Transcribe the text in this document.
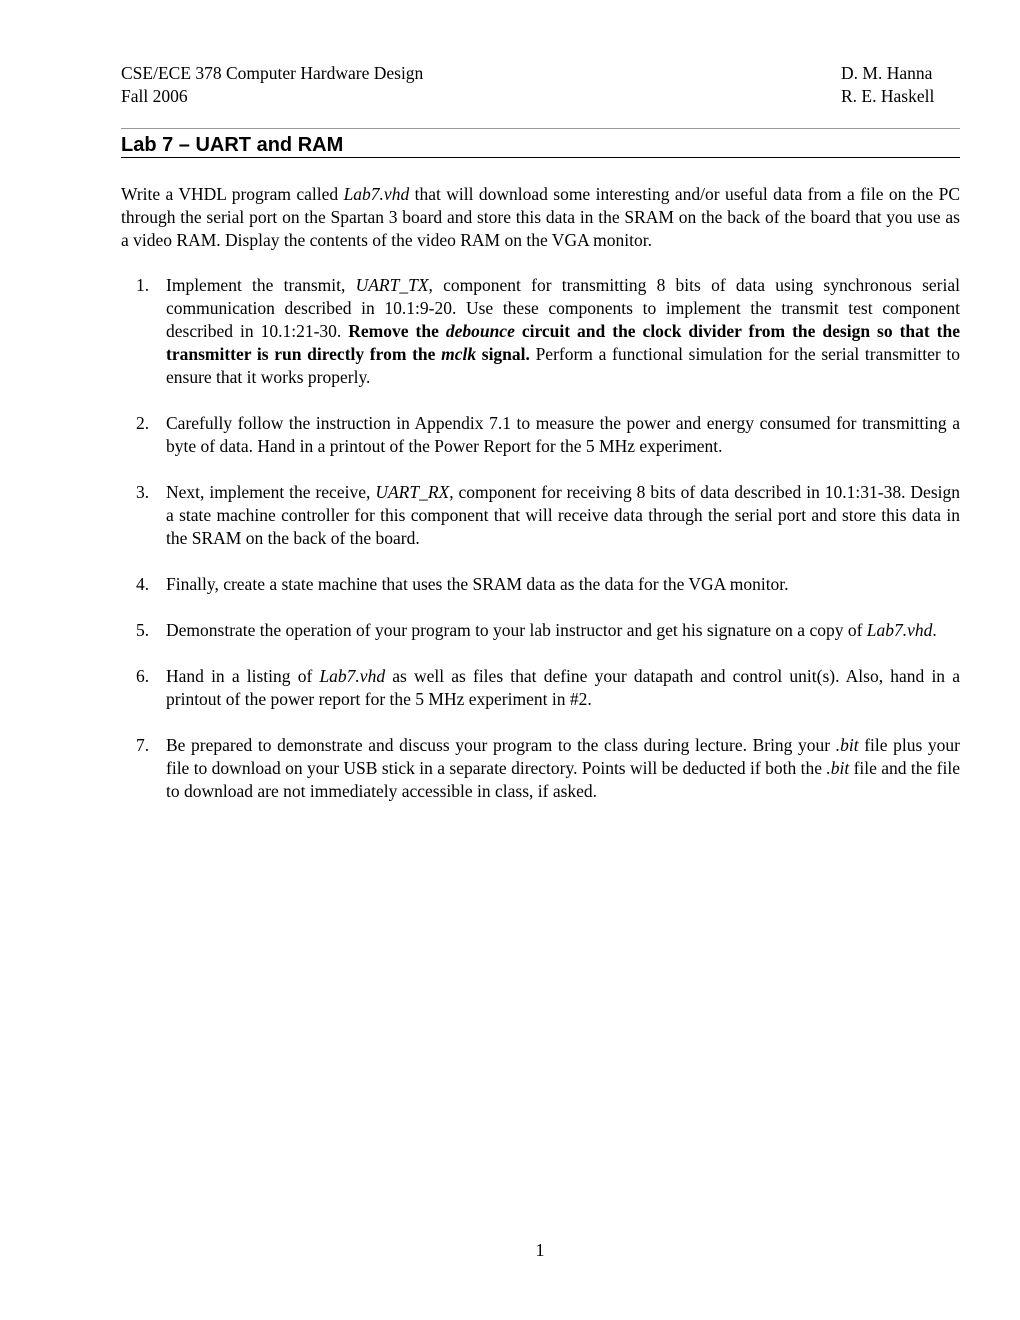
CSE/ECE 378 Computer Hardware Design	D. M. Hanna
Fall 2006	R. E. Haskell
Lab 7 – UART and RAM

Write a VHDL program called Lab7.vhd that will download some interesting and/or useful data from a file on the PC through the serial port on the Spartan 3 board and store this data in the SRAM on the back of the board that you use as a video RAM. Display the contents of the video RAM on the VGA monitor.

1. Implement the transmit, UART_TX, component for transmitting 8 bits of data using synchronous serial communication described in 10.1:9-20. Use these components to implement the transmit test component described in 10.1:21-30. Remove the debounce circuit and the clock divider from the design so that the transmitter is run directly from the mclk signal. Perform a functional simulation for the serial transmitter to ensure that it works properly.
2. Carefully follow the instruction in Appendix 7.1 to measure the power and energy consumed for transmitting a byte of data. Hand in a printout of the Power Report for the 5 MHz experiment.
3. Next, implement the receive, UART_RX, component for receiving 8 bits of data described in 10.1:31-38. Design a state machine controller for this component that will receive data through the serial port and store this data in the SRAM on the back of the board.
4. Finally, create a state machine that uses the SRAM data as the data for the VGA monitor.
5. Demonstrate the operation of your program to your lab instructor and get his signature on a copy of Lab7.vhd.
6. Hand in a listing of Lab7.vhd as well as files that define your datapath and control unit(s). Also, hand in a printout of the power report for the 5 MHz experiment in #2.
7. Be prepared to demonstrate and discuss your program to the class during lecture. Bring your .bit file plus your file to download on your USB stick in a separate directory. Points will be deducted if both the .bit file and the file to download are not immediately accessible in class, if asked.
1
